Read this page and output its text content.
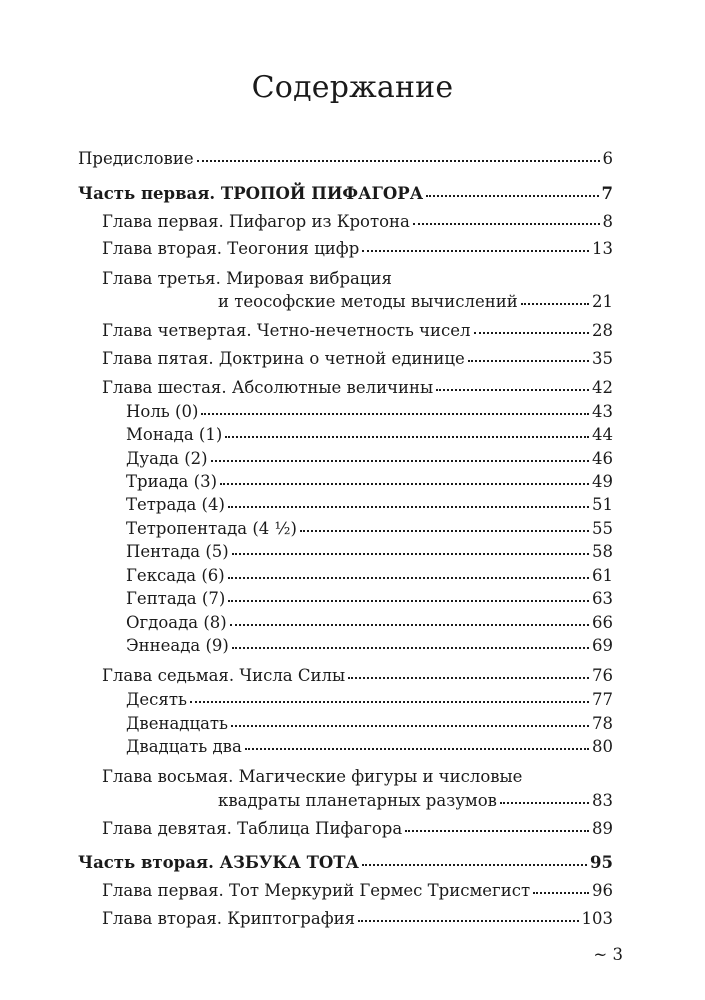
Содержание
Предисловие	6
Часть первая. ТРОПОЙ ПИФАГОРА	7
Глава первая. Пифагор из Кротона	8
Глава вторая. Теогония цифр	13
Глава третья. Мировая вибрация
и теософские методы вычислений	21
Глава четвертая. Четно-нечетность чисел	28
Глава пятая. Доктрина о четной единице	35
Глава шестая. Абсолютные величины	42
Ноль (0)	43
Монада (1)	44
Дуада (2)	46
Триада (3)	49
Тетрада (4)	51
Тетропентада (4 ½)	55
Пентада (5)	58
Гексада (6)	61
Гептада (7)	63
Огдоада (8)	66
Эннеада (9)	69
Глава седьмая. Числа Силы	76
Десять	77
Двенадцать	78
Двадцать два	80
Глава восьмая. Магические фигуры и числовые
квадраты планетарных разумов	83
Глава девятая. Таблица Пифагора	89
Часть вторая. АЗБУКА ТОТА	95
Глава первая. Тот Меркурий Гермес Трисмегист	96
Глава вторая. Криптография	103
~ 3
